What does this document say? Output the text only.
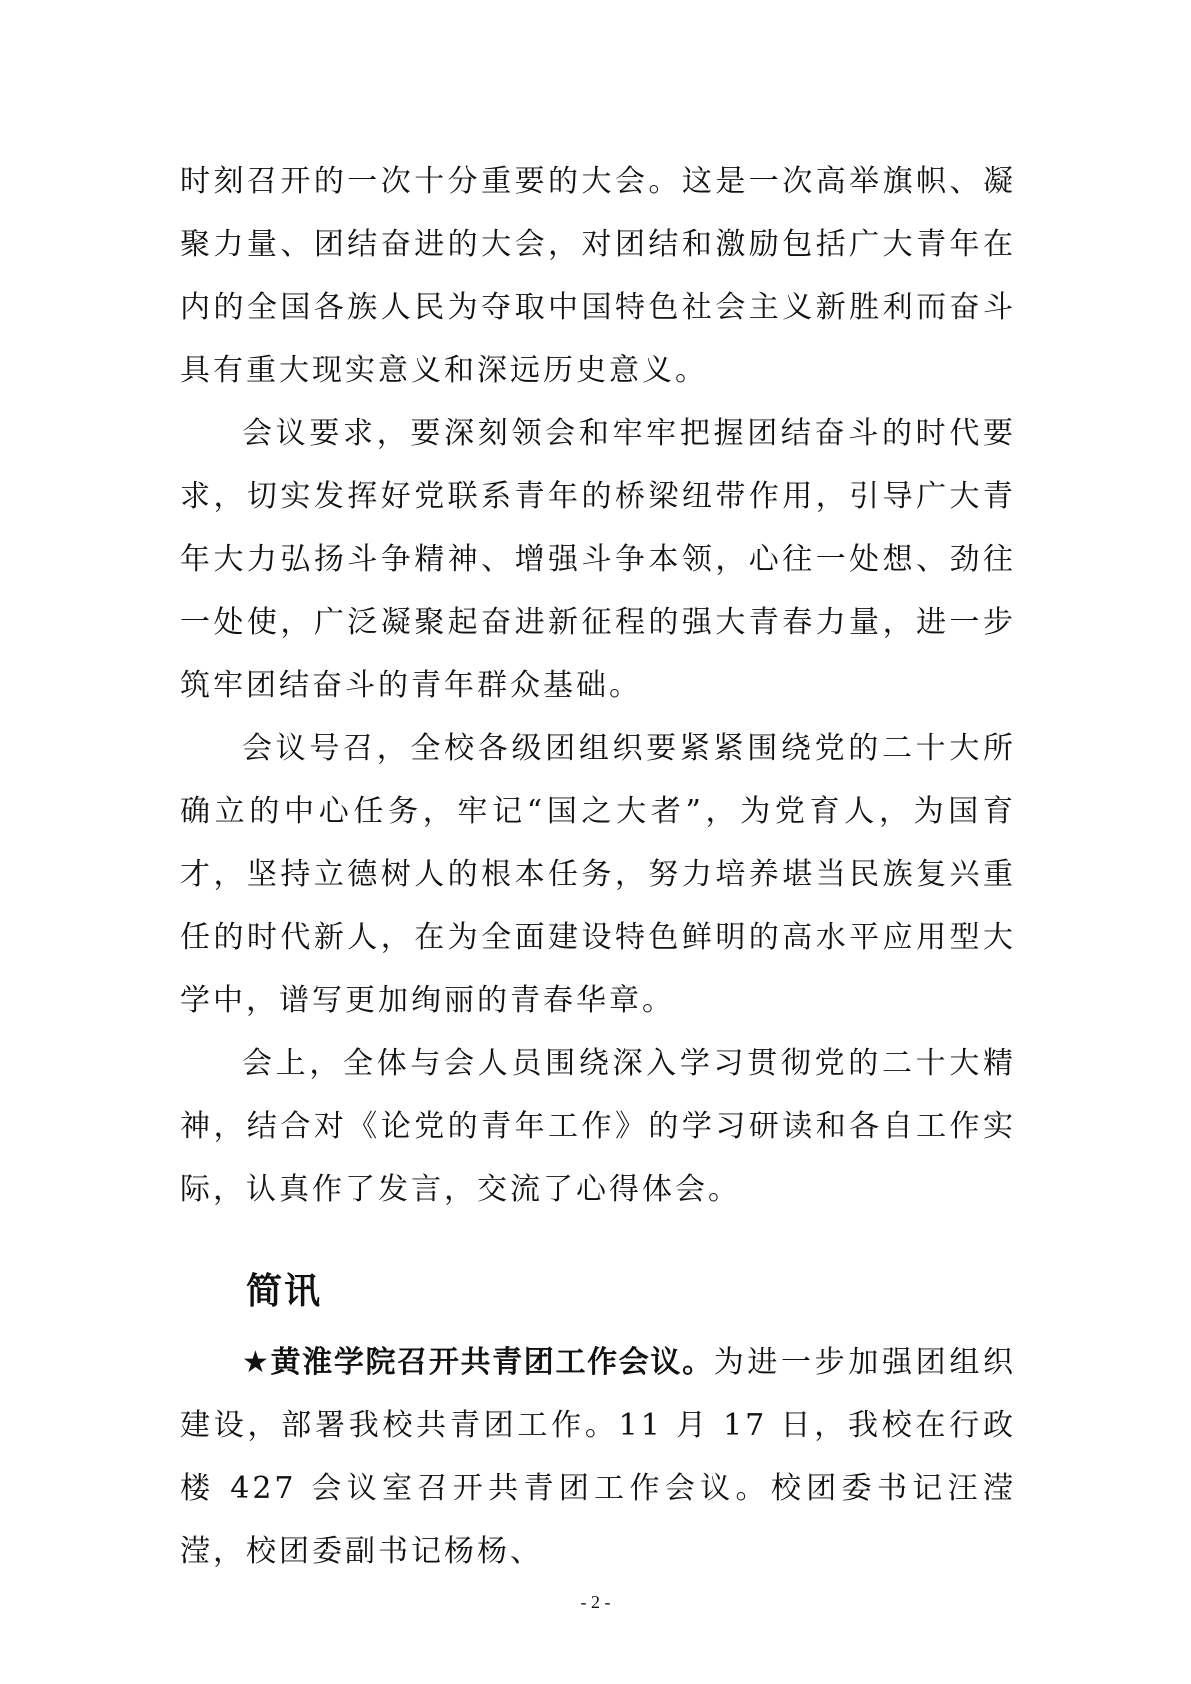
时刻召开的一次十分重要的大会。这是一次高举旗帜、凝聚力量、团结奋进的大会，对团结和激励包括广大青年在内的全国各族人民为夺取中国特色社会主义新胜利而奋斗具有重大现实意义和深远历史意义。

会议要求，要深刻领会和牢牢把握团结奋斗的时代要求，切实发挥好党联系青年的桥梁纽带作用，引导广大青年大力弘扬斗争精神、增强斗争本领，心往一处想、劲往一处使，广泛凝聚起奋进新征程的强大青春力量，进一步筑牢团结奋斗的青年群众基础。

会议号召，全校各级团组织要紧紧围绕党的二十大所确立的中心任务，牢记“国之大者”，为党育人，为国育才，坚持立德树人的根本任务，努力培养堪当民族复兴重任的时代新人，在为全面建设特色鲜明的高水平应用型大学中，谱写更加绚丽的青春华章。

会上，全体与会人员围绕深入学习贯彻党的二十大精神，结合对《论党的青年工作》的学习研读和各自工作实际，认真作了发言，交流了心得体会。

简讯

★黄淮学院召开共青团工作会议。为进一步加强团组织建设，部署我校共青团工作。11 月 17 日，我校在行政楼 427 会议室召开共青团工作会议。校团委书记汪滢滢，校团委副书记杨杨、

- 2 -
